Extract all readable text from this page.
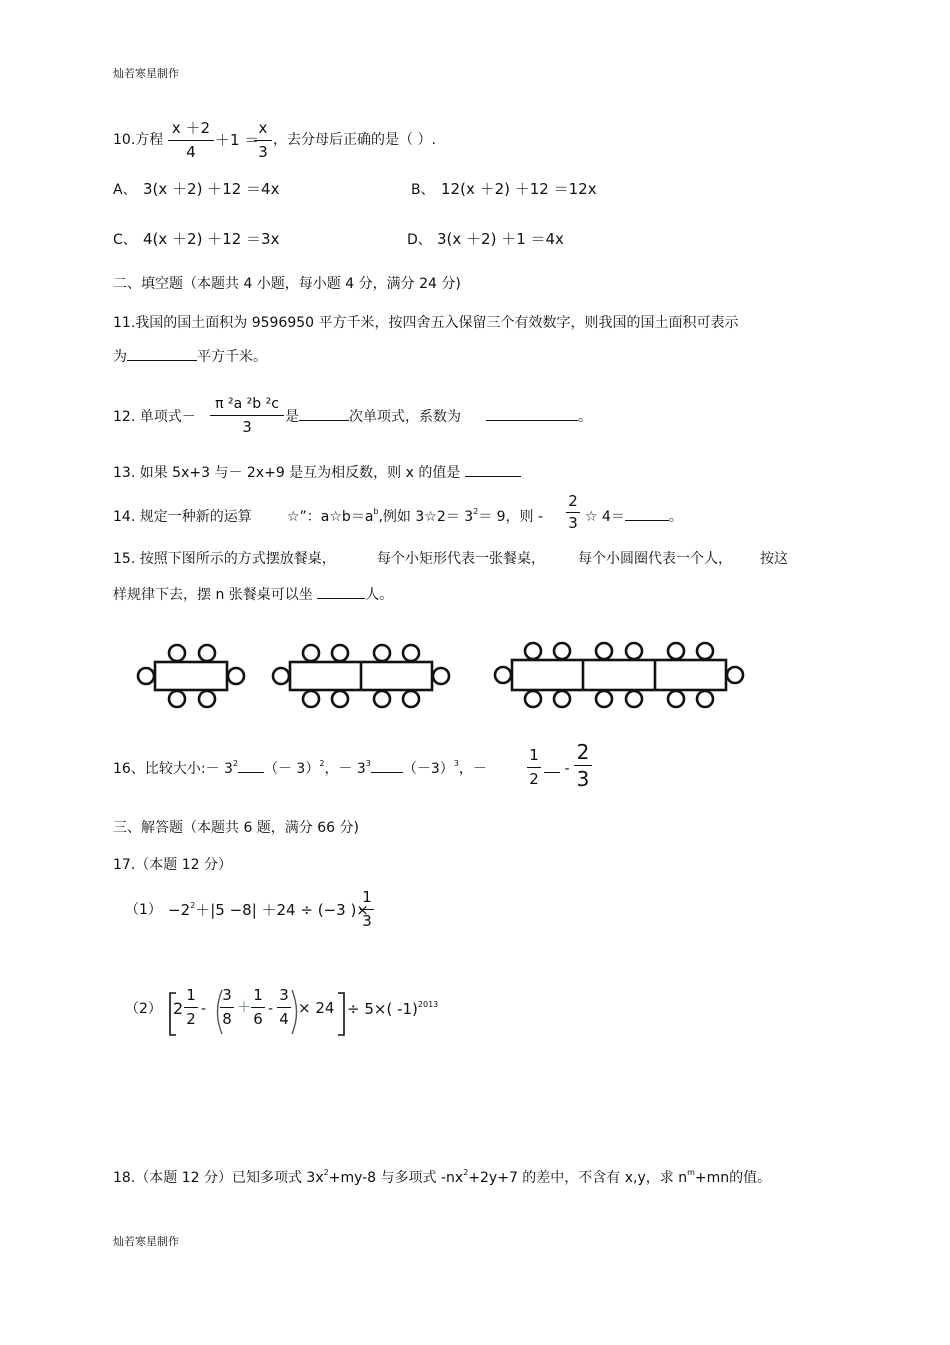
灿若寒星制作
灿若寒星制作
10.方程
x ＋2
4
＋1 ＝
x
3
，去分母后正确的是（ ）.
A、 3(x ＋2) ＋12 ＝4x	B、 12(x ＋2) ＋12 ＝12x
C、 4(x ＋2) ＋12 ＝3x	D、 3(x ＋2) ＋1 ＝4x
二、填空题（本题共 4 小题，每小题 4 分，满分 24 分)
11.我国的国土面积为 9596950 平方千米，按四舍五入保留三个有效数字，则我国的国土面积可表示
为	平方千米。
12. 单项式－
π ²a ²b ²c
3
是	次单项式，系数为	。
13. 如果 5x+3 与－ 2x+9 是互为相反数，则 x 的值是
14. 规定一种新的运算	☆”：$a☆b=a^b$,例如 3☆2＝ $3^2= 9$，则 -
2
3 ☆ 4＝	。
15. 按照下图所示的方式摆放餐桌，	每个小矩形代表一张餐桌， 每个小圆圈代表一个人， 按这
样规律下去，摆 n 张餐桌可以坐	人。
16、比较大小:－ $3^2$ （－ 3）$^2$，－ $3^3$ $(-3)^3$，－
1
2
-
2
3
三、解答题（本题共 6 题，满分 66 分)
17.（本题 12 分）
$(1) -2^2+|5 -8| +24 \div (-3$ )×
1
3
（2） 2
1
2
-
3
8
＋
1
6
-
3
4
× 24 ÷ 5×( -1)$^{2013}$
18.（本题 12 分）已知多项式 $3x^2+my-8$ 与多项式 $-nx^2+2y+7$ 的差中，不含有 x,y，求 $n^m+mn$的值。
